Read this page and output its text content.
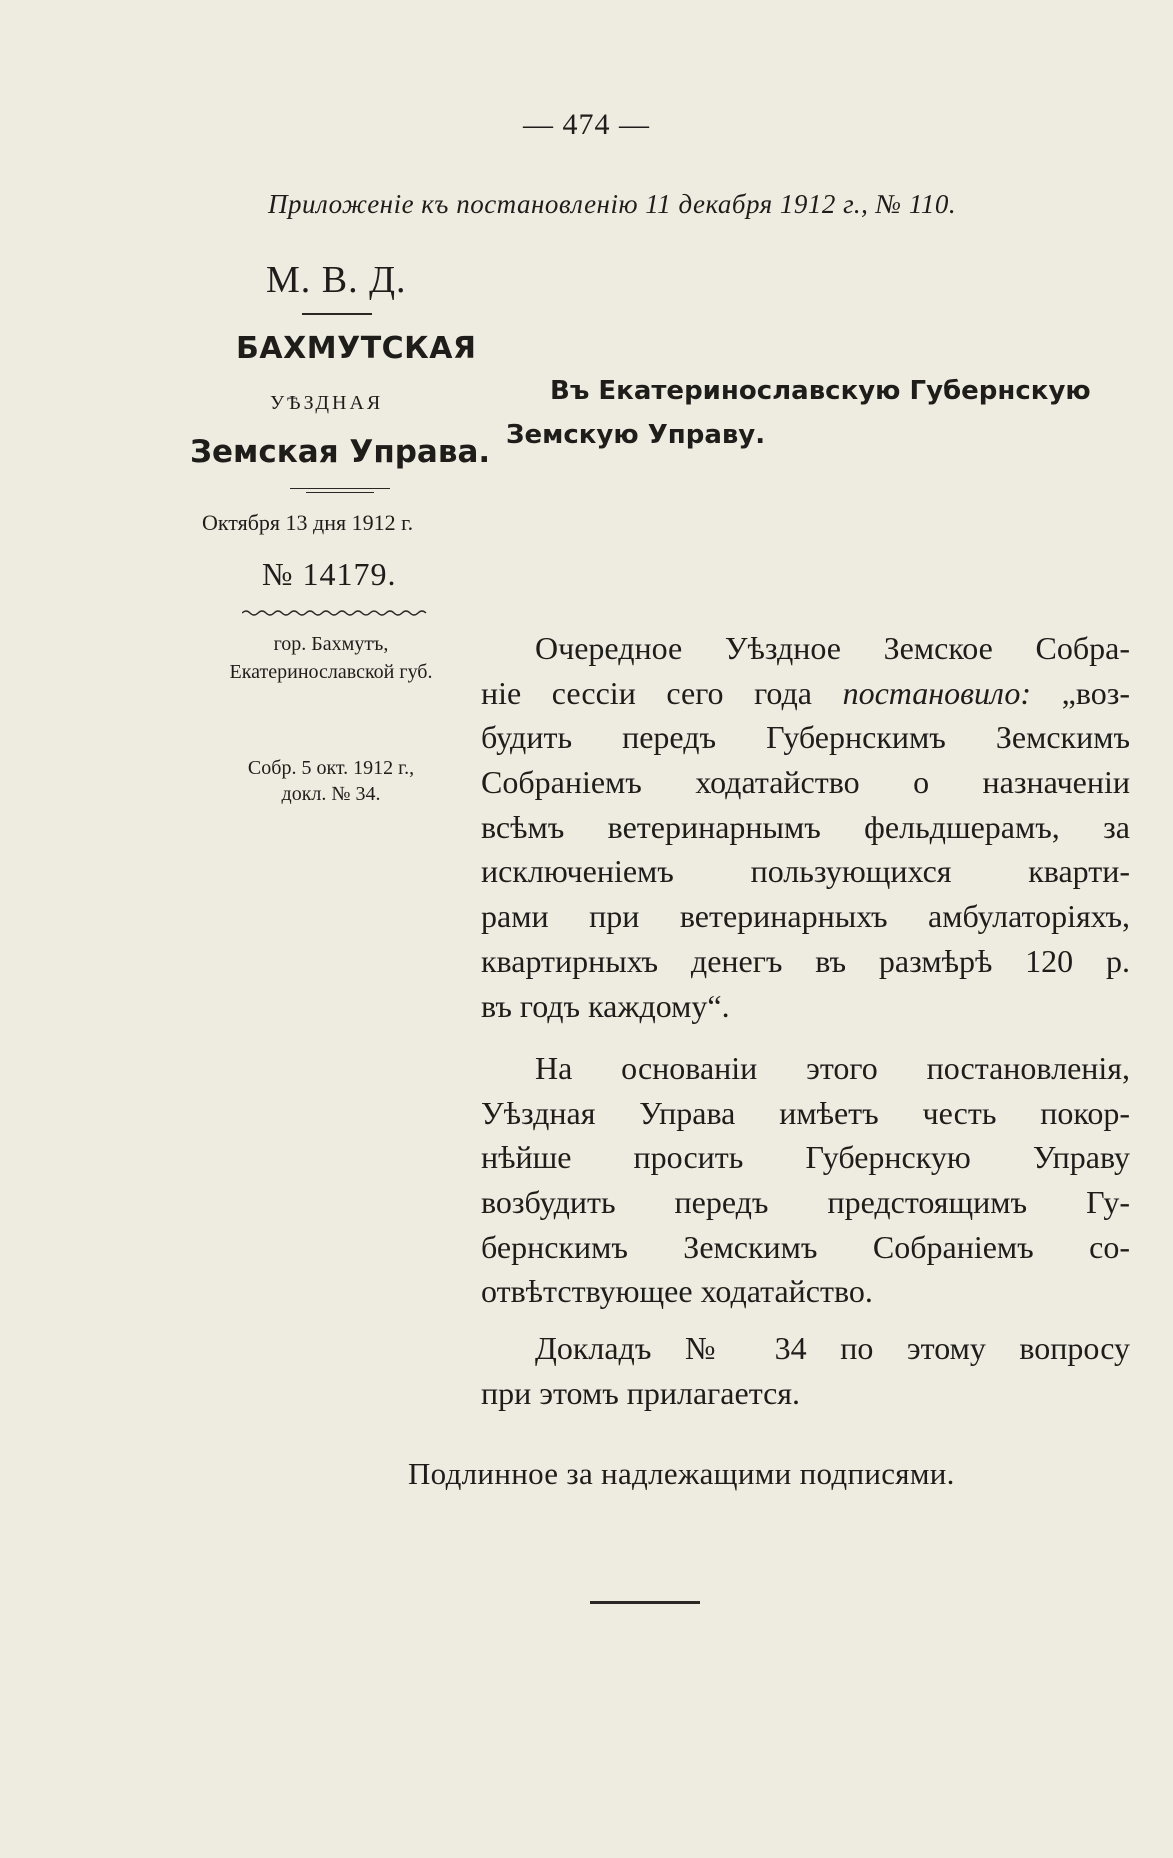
— 474 —
Приложеніе къ постановленію 11 декабря 1912 г., № 110.
М. В. Д.
БАХМУТСКАЯ
УѢЗДНАЯ
Земская Управа.
Октября 13 дня 1912 г.
№ 14179.
гор. Бахмутъ,
Екатеринославской губ.
Собр. 5 окт. 1912 г.,
докл. № 34.
Въ Екатеринославскую Губернскую
Земскую Управу.
Очередное Уѣздное Земское Собра-
ніе сессіи сего года постановило: „воз-
будить передъ Губернскимъ Земскимъ
Собраніемъ ходатайство о назначеніи
всѣмъ ветеринарнымъ фельдшерамъ, за
исключеніемъ пользующихся кварти-
рами при ветеринарныхъ амбулаторіяхъ,
квартирныхъ денегъ въ размѣрѣ 120 р.
въ годъ каждому“.
На основаніи этого постановленія,
Уѣздная Управа имѣетъ честь покор-
нѣйше просить Губернскую Управу
возбудить передъ предстоящимъ Гу-
бернскимъ Земскимъ Собраніемъ со-
отвѣтствующее ходатайство.
Докладъ № 34 по этому вопросу
при этомъ прилагается.
Подлинное за надлежащими подписями.
